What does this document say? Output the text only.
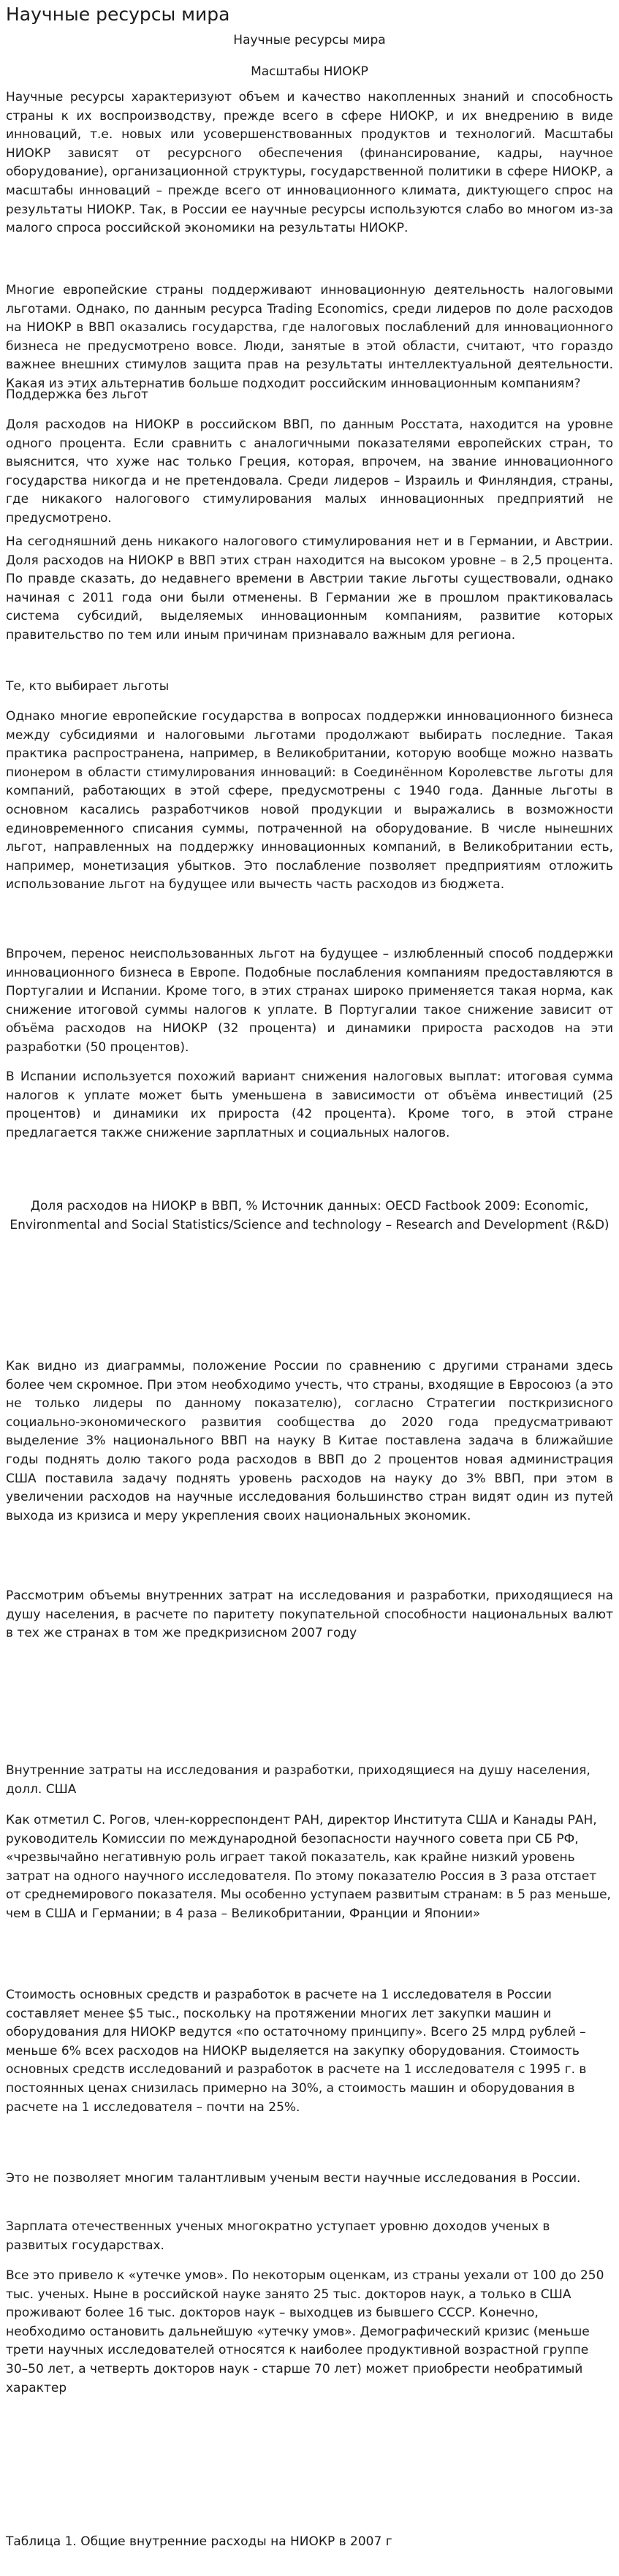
Научные ресурсы мира

Научные ресурсы мира

Масштабы НИОКР

Научные ресурсы характеризуют объем и качество накопленных знаний и способность страны к их воспроизводству, прежде всего в сфере НИОКР, и их внедрению в виде инноваций, т.е. новых или усовершенствованных продуктов и технологий. Масштабы НИОКР зависят от ресурсного обеспечения (финансирование, кадры, научное оборудование), организационной структуры, государственной политики в сфере НИОКР, а масштабы инноваций – прежде всего от инновационного климата, диктующего спрос на результаты НИОКР. Так, в России ее научные ресурсы используются слабо во многом из-за малого спроса российской экономики на результаты НИОКР.

Многие европейские страны поддерживают инновационную деятельность налоговыми льготами. Однако, по данным ресурса Trading Economics, среди лидеров по доле расходов на НИОКР в ВВП оказались государства, где налоговых послаблений для инновационного бизнеса не предусмотрено вовсе. Люди, занятые в этой области, считают, что гораздо важнее внешних стимулов защита прав на результаты интеллектуальной деятельности. Какая из этих альтернатив больше подходит российским инновационным компаниям?

Поддержка без льгот

Доля расходов на НИОКР в российском ВВП, по данным Росстата, находится на уровне одного процента. Если сравнить с аналогичными показателями европейских стран, то выяснится, что хуже нас только Греция, которая, впрочем, на звание инновационного государства никогда и не претендовала. Среди лидеров – Израиль и Финляндия, страны, где никакого налогового стимулирования малых инновационных предприятий не предусмотрено.

На сегодняшний день никакого налогового стимулирования нет и в Германии, и Австрии. Доля расходов на НИОКР в ВВП этих стран находится на высоком уровне – в 2,5 процента. По правде сказать, до недавнего времени в Австрии такие льготы существовали, однако начиная с 2011 года они были отменены. В Германии же в прошлом практиковалась система субсидий, выделяемых инновационным компаниям, развитие которых правительство по тем или иным причинам признавало важным для региона.

Те, кто выбирает льготы

Однако многие европейские государства в вопросах поддержки инновационного бизнеса между субсидиями и налоговыми льготами продолжают выбирать последние. Такая практика распространена, например, в Великобритании, которую вообще можно назвать пионером в области стимулирования инноваций: в Соединённом Королевстве льготы для компаний, работающих в этой сфере, предусмотрены с 1940 года. Данные льготы в основном касались разработчиков новой продукции и выражались в возможности единовременного списания суммы, потраченной на оборудование. В числе нынешних льгот, направленных на поддержку инновационных компаний, в Великобритании есть, например, монетизация убытков. Это послабление позволяет предприятиям отложить использование льгот на будущее или вычесть часть расходов из бюджета.

Впрочем, перенос неиспользованных льгот на будущее – излюбленный способ поддержки инновационного бизнеса в Европе. Подобные послабления компаниям предоставляются в Португалии и Испании. Кроме того, в этих странах широко применяется такая норма, как снижение итоговой суммы налогов к уплате. В Португалии такое снижение зависит от объёма расходов на НИОКР (32 процента) и динамики прироста расходов на эти разработки (50 процентов).

В Испании используется похожий вариант снижения налоговых выплат: итоговая сумма налогов к уплате может быть уменьшена в зависимости от объёма инвестиций (25 процентов) и динамики их прироста (42 процента). Кроме того, в этой стране предлагается также снижение зарплатных и социальных налогов.

Доля расходов на НИОКР в ВВП, % Источник данных: OECD Factbook 2009: Economic, Environmental and Social Statistics/Science and technology – Research and Development (R&D)

Как видно из диаграммы, положение России по сравнению с другими странами здесь более чем скромное. При этом необходимо учесть, что страны, входящие в Евросоюз (а это не только лидеры по данному показателю), согласно Стратегии посткризисного социально-экономического развития сообщества до 2020 года предусматривают выделение 3% национального ВВП на науку В Китае поставлена задача в ближайшие годы поднять долю такого рода расходов в ВВП до 2 процентов новая администрация США поставила задачу поднять уровень расходов на науку до 3% ВВП, при этом в увеличении расходов на научные исследования большинство стран видят один из путей выхода из кризиса и меру укрепления своих национальных экономик.

Рассмотрим объемы внутренних затрат на исследования и разработки, приходящиеся на душу населения, в расчете по паритету покупательной способности национальных валют в тех же странах в том же предкризисном 2007 году

Внутренние затраты на исследования и разработки, приходящиеся на душу населения, долл. США

Как отметил С. Рогов, член-корреспондент РАН, директор Института США и Канады РАН, руководитель Комиссии по международной безопасности научного совета при СБ РФ, «чрезвычайно негативную роль играет такой показатель, как крайне низкий уровень затрат на одного научного исследователя. По этому показателю Россия в 3 раза отстает от среднемирового показателя. Мы особенно уступаем развитым странам: в 5 раз меньше, чем в США и Германии; в 4 раза – Великобритании, Франции и Японии»

Стоимость основных средств и разработок в расчете на 1 исследователя в России составляет менее $5 тыс., поскольку на протяжении многих лет закупки машин и оборудования для НИОКР ведутся «по остаточному принципу». Всего 25 млрд рублей – меньше 6% всех расходов на НИОКР выделяется на закупку оборудования. Стоимость основных средств исследований и разработок в расчете на 1 исследователя с 1995 г. в постоянных ценах снизилась примерно на 30%, а стоимость машин и оборудования в расчете на 1 исследователя – почти на 25%.

Это не позволяет многим талантливым ученым вести научные исследования в России.

Зарплата отечественных ученых многократно уступает уровню доходов ученых в развитых государствах.

Все это привело к «утечке умов». По некоторым оценкам, из страны уехали от 100 до 250 тыс. ученых. Ныне в российской науке занято 25 тыс. докторов наук, а только в США проживают более 16 тыс. докторов наук – выходцев из бывшего СССР. Конечно, необходимо остановить дальнейшую «утечку умов». Демографический кризис (меньше трети научных исследователей относятся к наиболее продуктивной возрастной группе 30–50 лет, а четверть докторов наук - старше 70 лет) может приобрести необратимый характер

Таблица 1. Общие внутренние расходы на НИОКР в 2007 г
